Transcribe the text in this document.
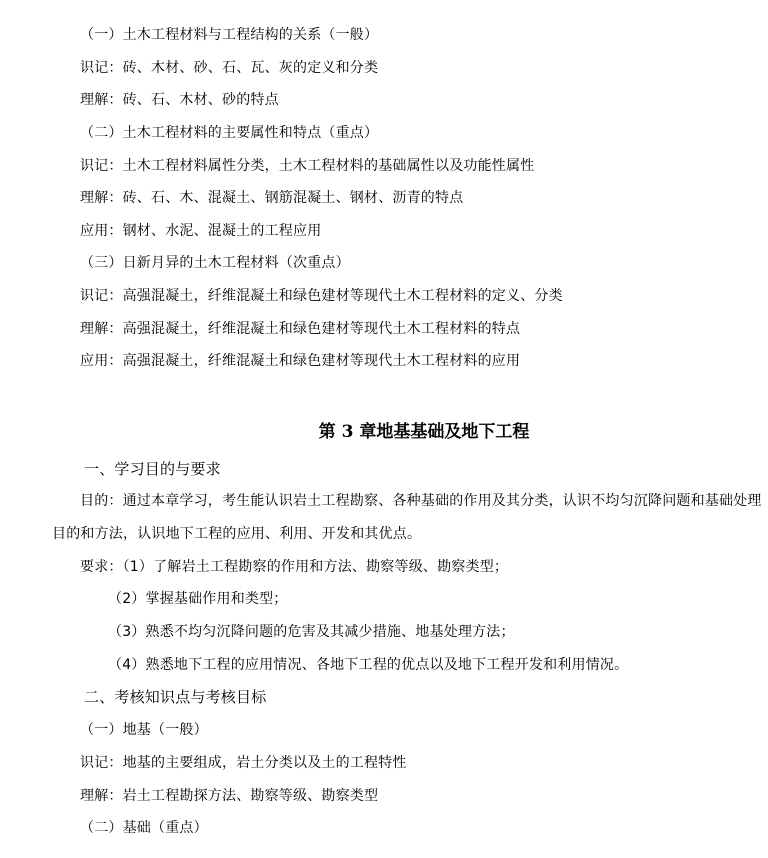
（一）土木工程材料与工程结构的关系（一般）
识记：砖、木材、砂、石、瓦、灰的定义和分类
理解：砖、石、木材、砂的特点
（二）土木工程材料的主要属性和特点（重点）
识记：土木工程材料属性分类，土木工程材料的基础属性以及功能性属性
理解：砖、石、木、混凝土、钢筋混凝土、钢材、沥青的特点
应用：钢材、水泥、混凝土的工程应用
（三）日新月异的土木工程材料（次重点）
识记：高强混凝土，纤维混凝土和绿色建材等现代土木工程材料的定义、分类
理解：高强混凝土，纤维混凝土和绿色建材等现代土木工程材料的特点
应用：高强混凝土，纤维混凝土和绿色建材等现代土木工程材料的应用
第 3 章地基基础及地下工程
一、学习目的与要求
目的：通过本章学习，考生能认识岩土工程勘察、各种基础的作用及其分类，认识不均匀沉降问题和基础处理
目的和方法，认识地下工程的应用、利用、开发和其优点。
要求：（1）了解岩土工程勘察的作用和方法、勘察等级、勘察类型；
（2）掌握基础作用和类型；
（3）熟悉不均匀沉降问题的危害及其减少措施、地基处理方法；
（4）熟悉地下工程的应用情况、各地下工程的优点以及地下工程开发和利用情况。
二、考核知识点与考核目标
（一）地基（一般）
识记：地基的主要组成，岩土分类以及土的工程特性
理解：岩土工程勘探方法、勘察等级、勘察类型
（二）基础（重点）
